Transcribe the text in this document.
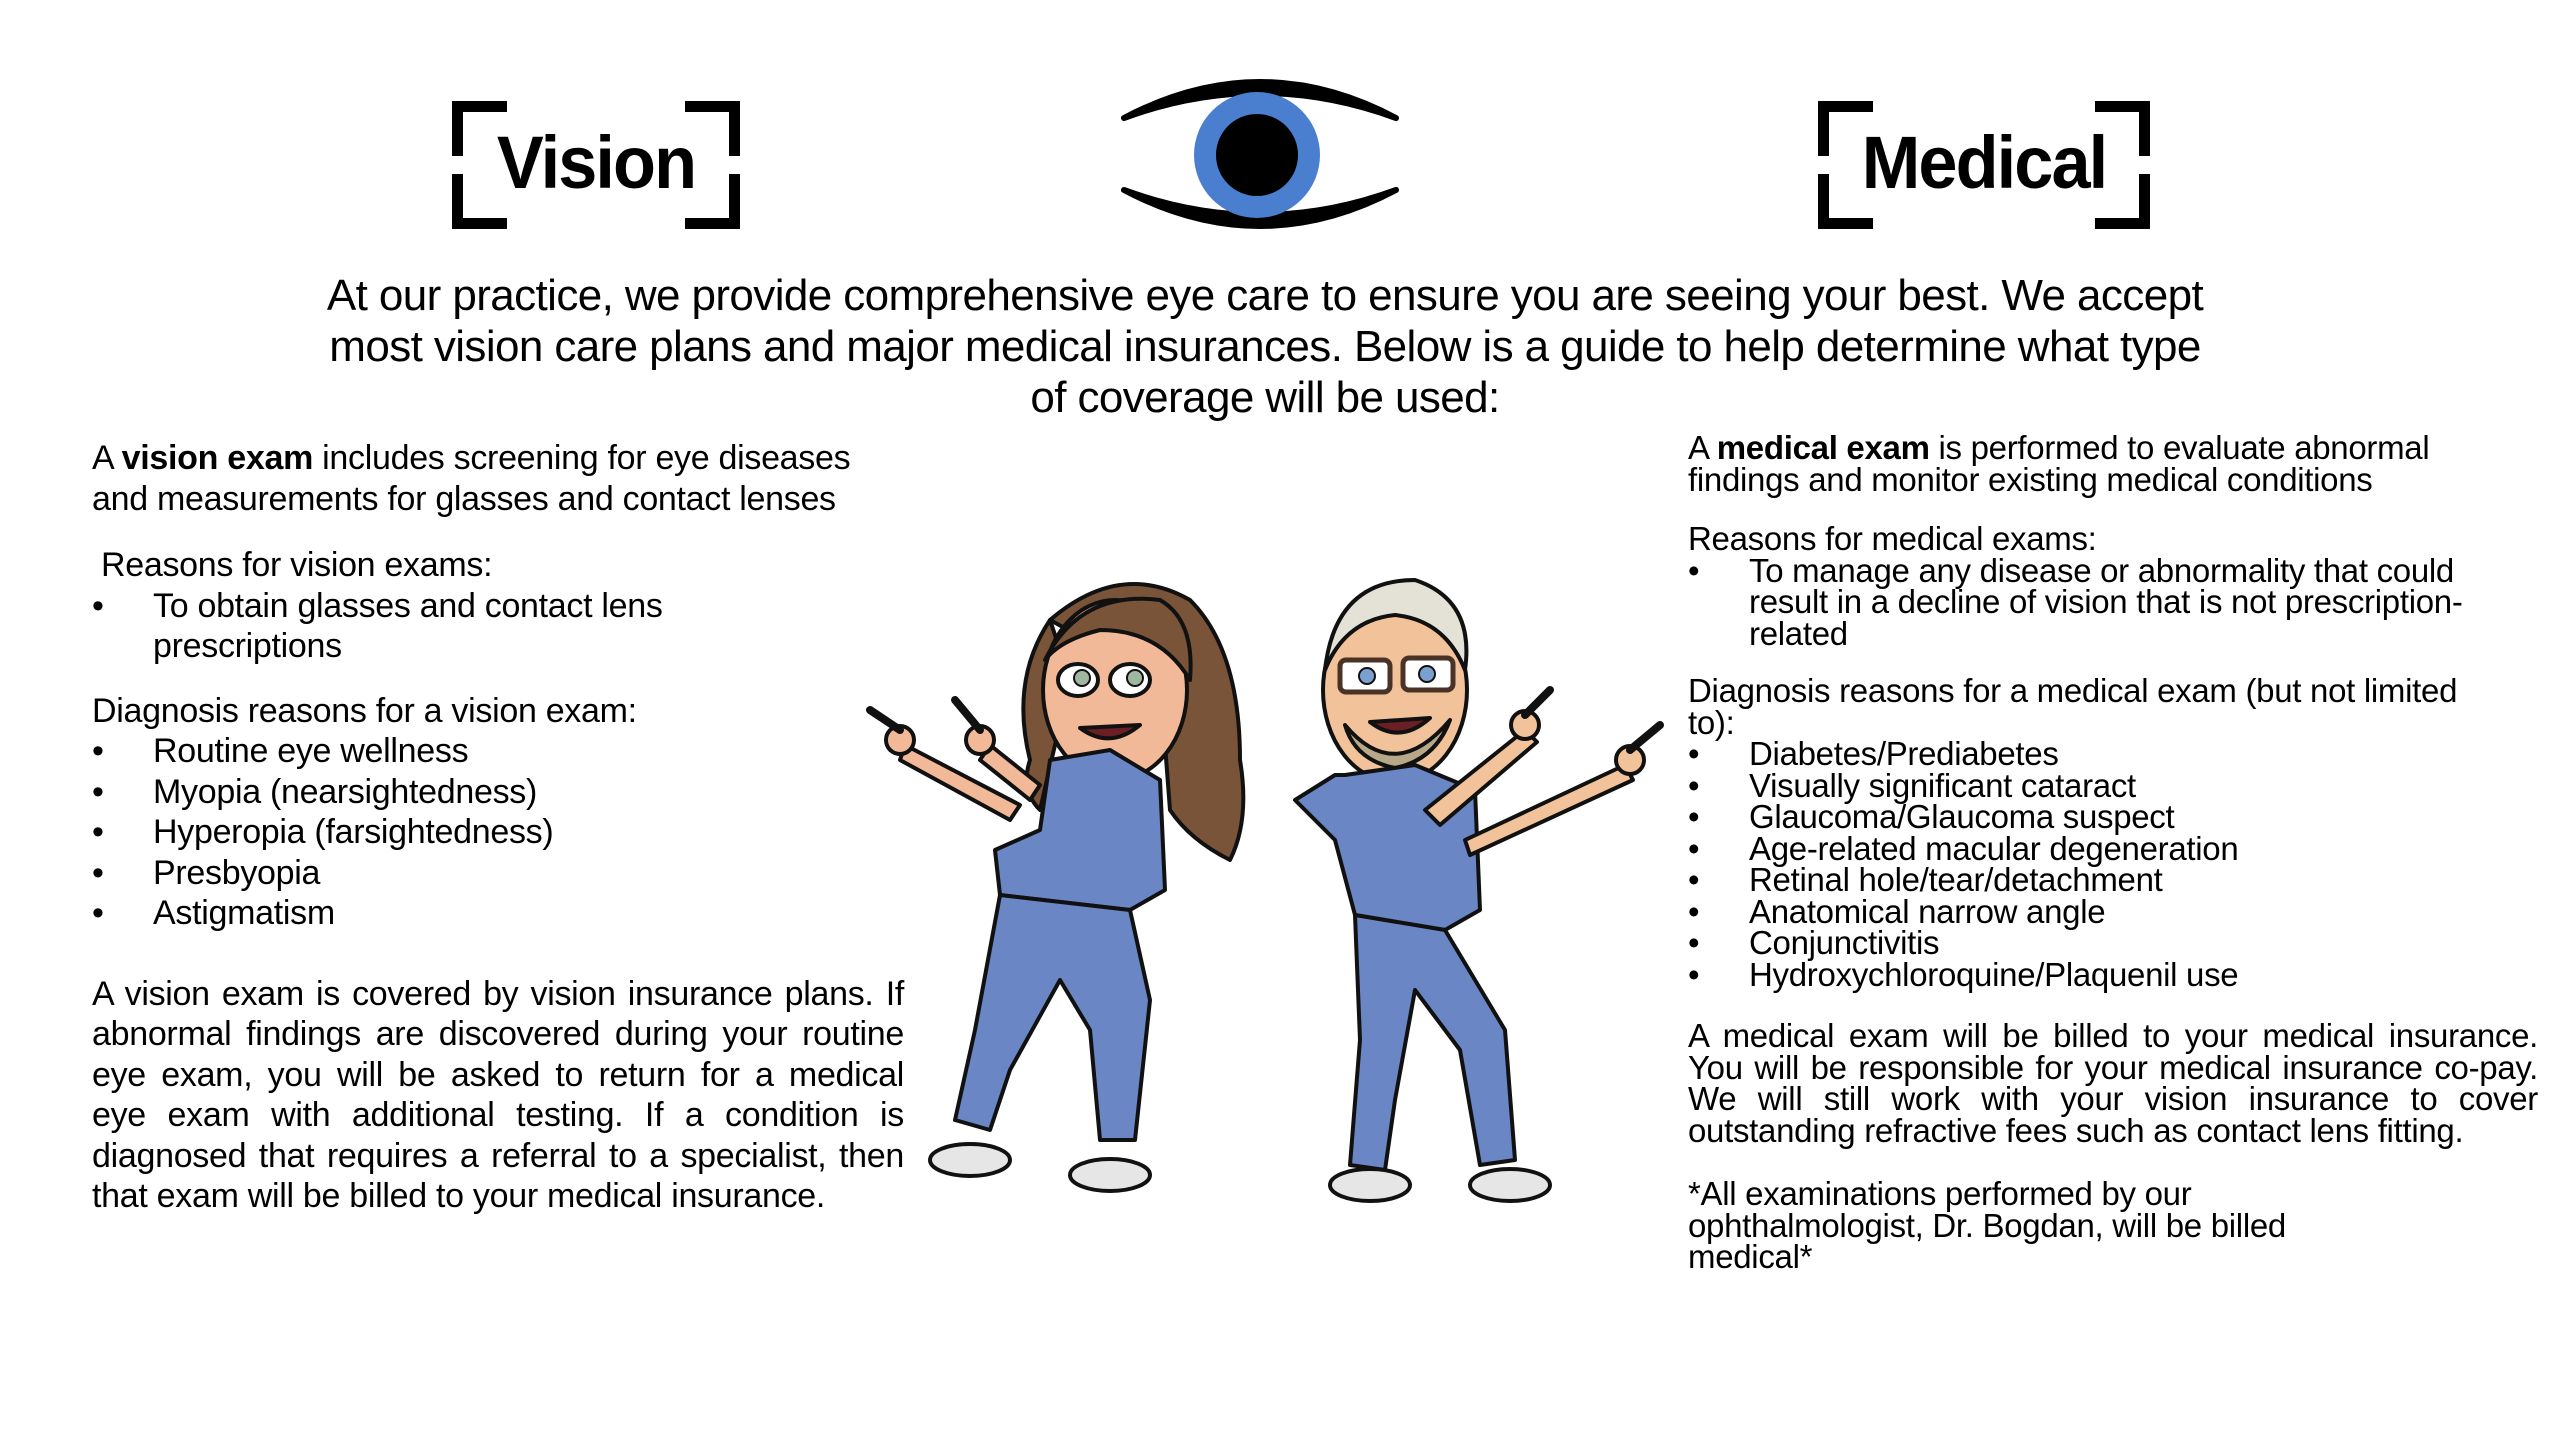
Vision	Medical
At our practice, we provide comprehensive eye care to ensure you are seeing your best. We accept
most vision care plans and major medical insurances. Below is a guide to help determine what type
of coverage will be used:

A vision exam includes screening for eye diseases and measurements for glasses and contact lenses

Reasons for vision exams:

• To obtain glasses and contact lens prescriptions

Diagnosis reasons for a vision exam:

• Routine eye wellness
• Myopia (nearsightedness)
• Hyperopia (farsightedness)
• Presbyopia
• Astigmatism

A vision exam is covered by vision insurance plans. If abnormal findings are discovered during your routine eye exam, you will be asked to return for a medical eye exam with additional testing. If a condition is diagnosed that requires a referral to a specialist, then that exam will be billed to your medical insurance.

A medical exam is performed to evaluate abnormal findings and monitor existing medical conditions

Reasons for medical exams:

• To manage any disease or abnormality that could result in a decline of vision that is not prescription-related

Diagnosis reasons for a medical exam (but not limited to):

• Diabetes/Prediabetes
• Visually significant cataract
• Glaucoma/Glaucoma suspect
• Age-related macular degeneration
• Retinal hole/tear/detachment
• Anatomical narrow angle
• Conjunctivitis
• Hydroxychloroquine/Plaquenil use

A medical exam will be billed to your medical insurance. You will be responsible for your medical insurance co-pay. We will still work with your vision insurance to cover outstanding refractive fees such as contact lens fitting.

*All examinations performed by our ophthalmologist, Dr. Bogdan, will be billed medical*
